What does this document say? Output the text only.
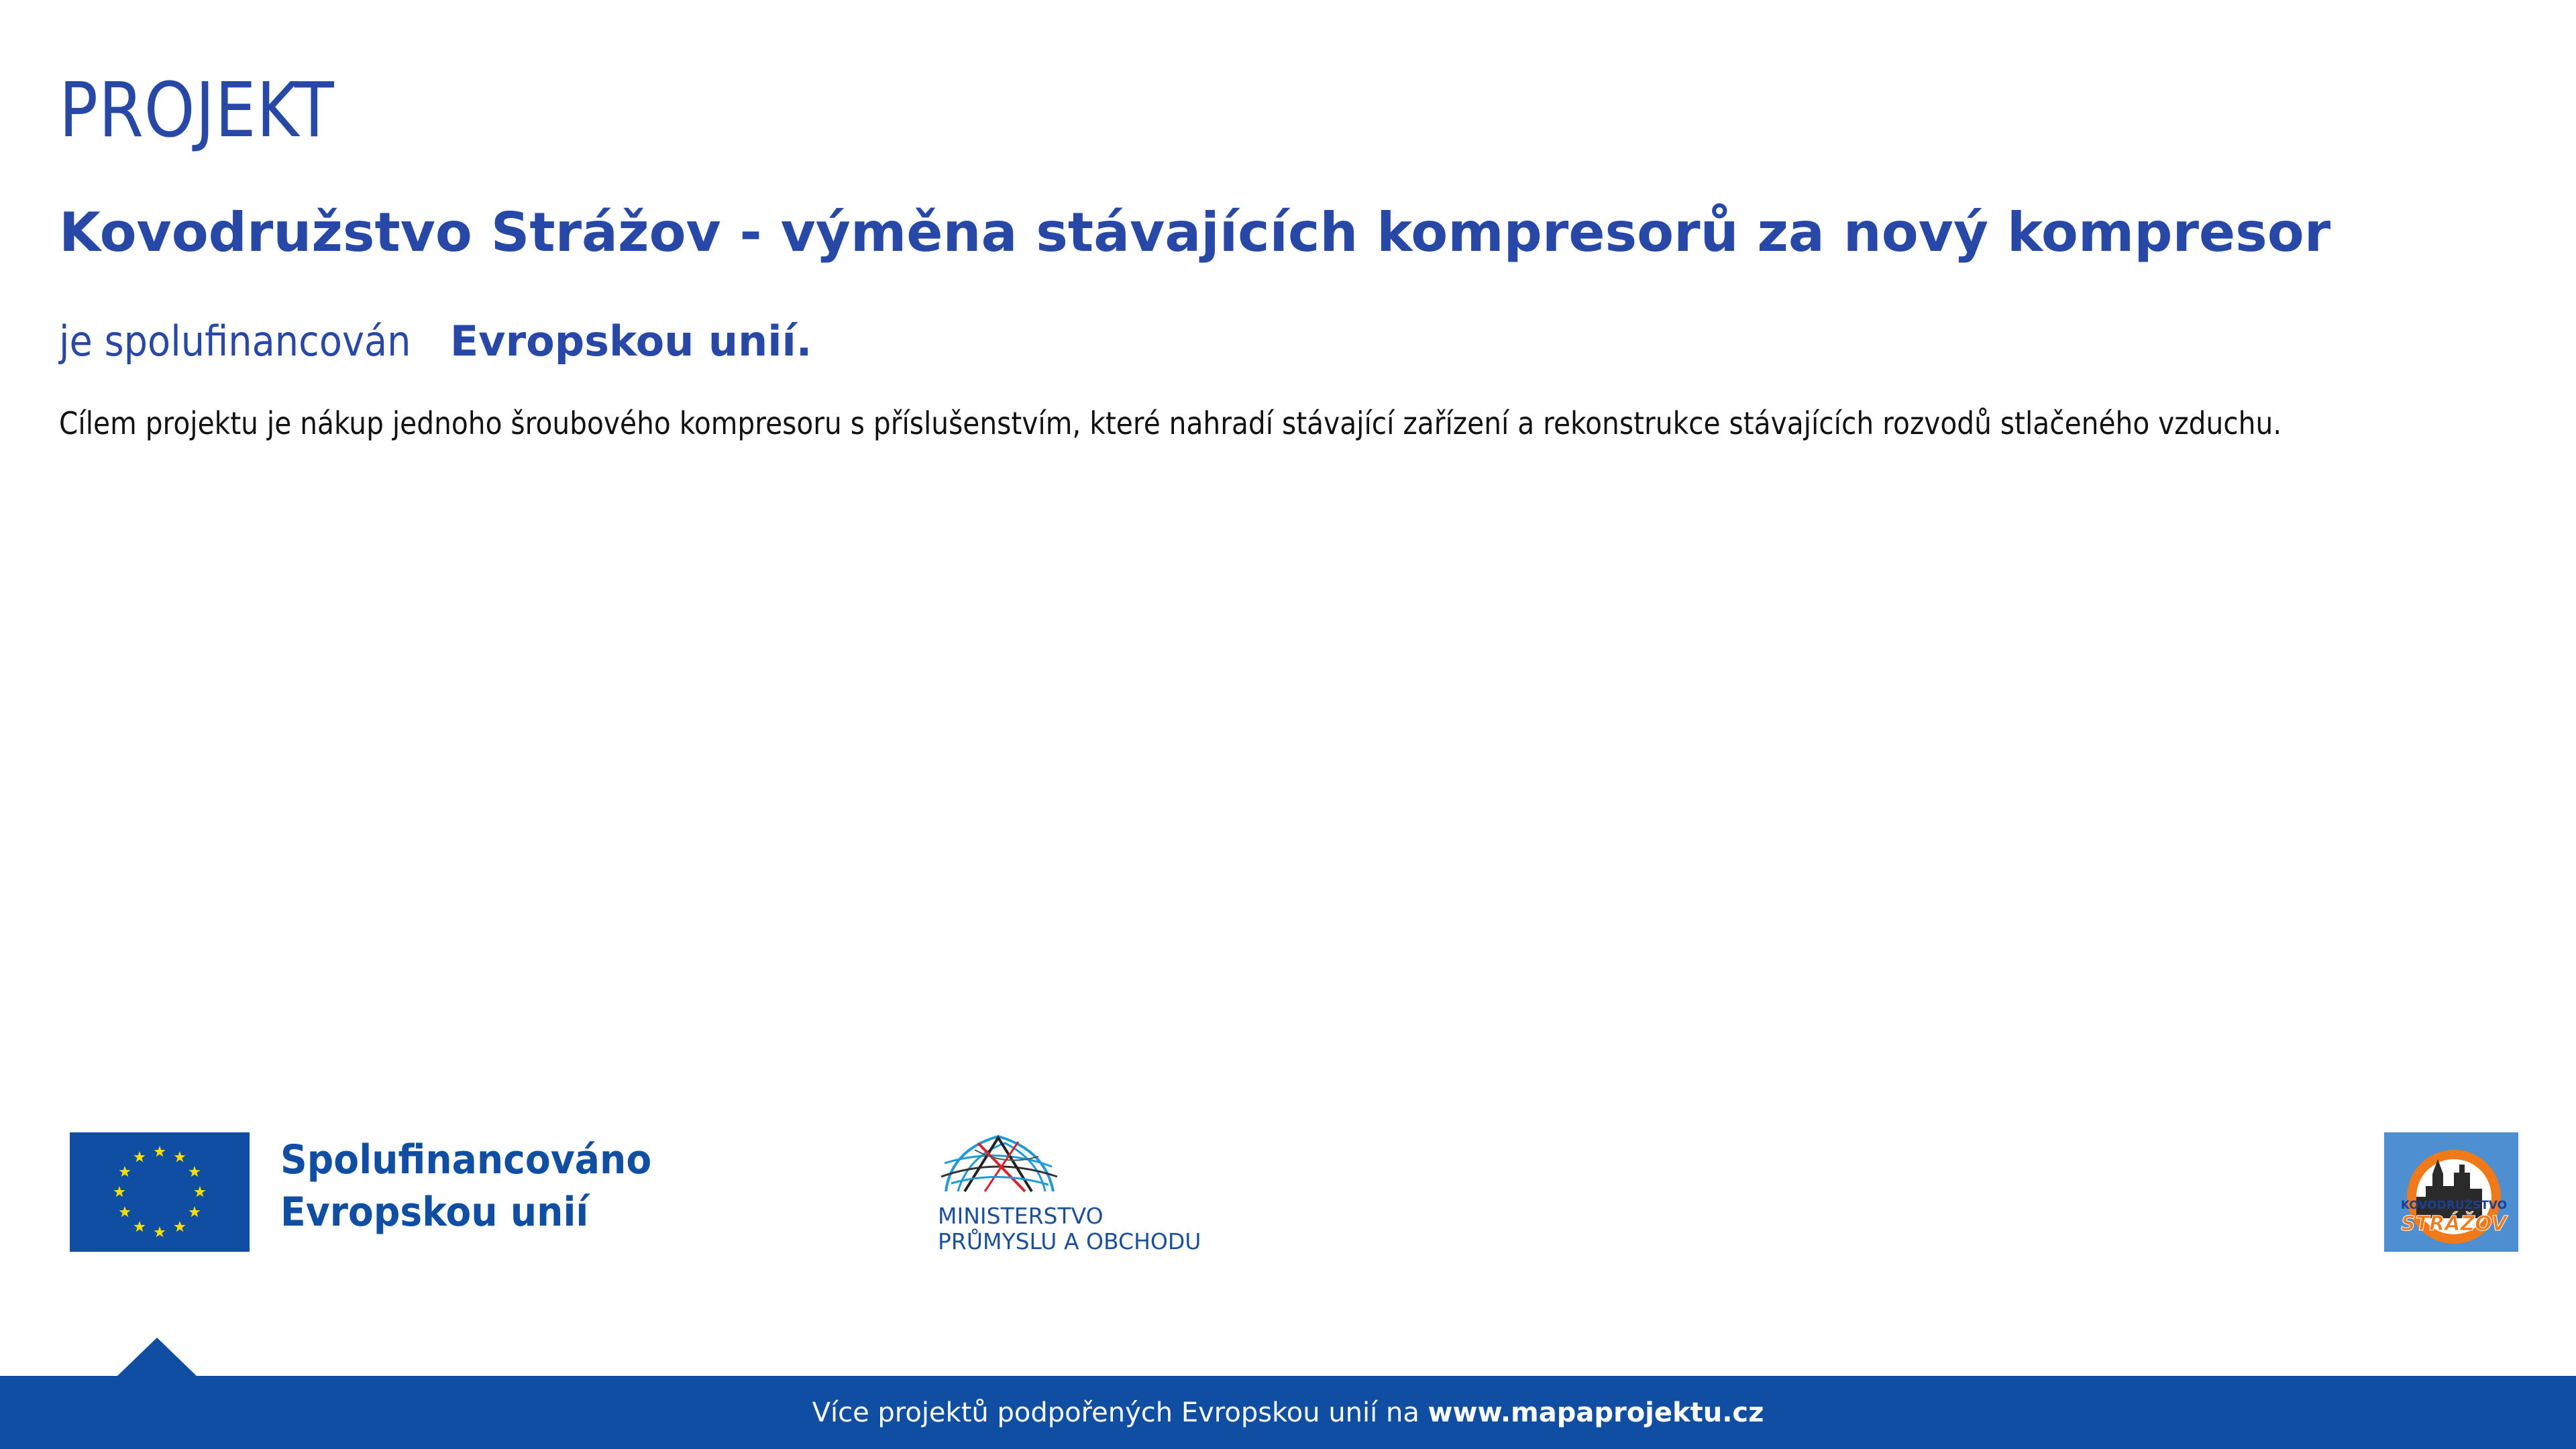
PROJEKT
Kovodružstvo Strážov - výměna stávajících kompresorů za nový kompresor
je spolufinancovánEvropskou unií.
Cílem projektu je nákup jednoho šroubového kompresoru s příslušenstvím, které nahradí stávající zařízení a rekonstrukce stávajících rozvodů stlačeného vzduchu.
Spolufinancováno
Evropskou unií	MINISTERSTVO
PRŮMYSLU A OBCHODU
KOVODRUŽSTVO
STRÁŽOV
Více projektů podpořených Evropskou unií na
www.mapaprojektu.cz
